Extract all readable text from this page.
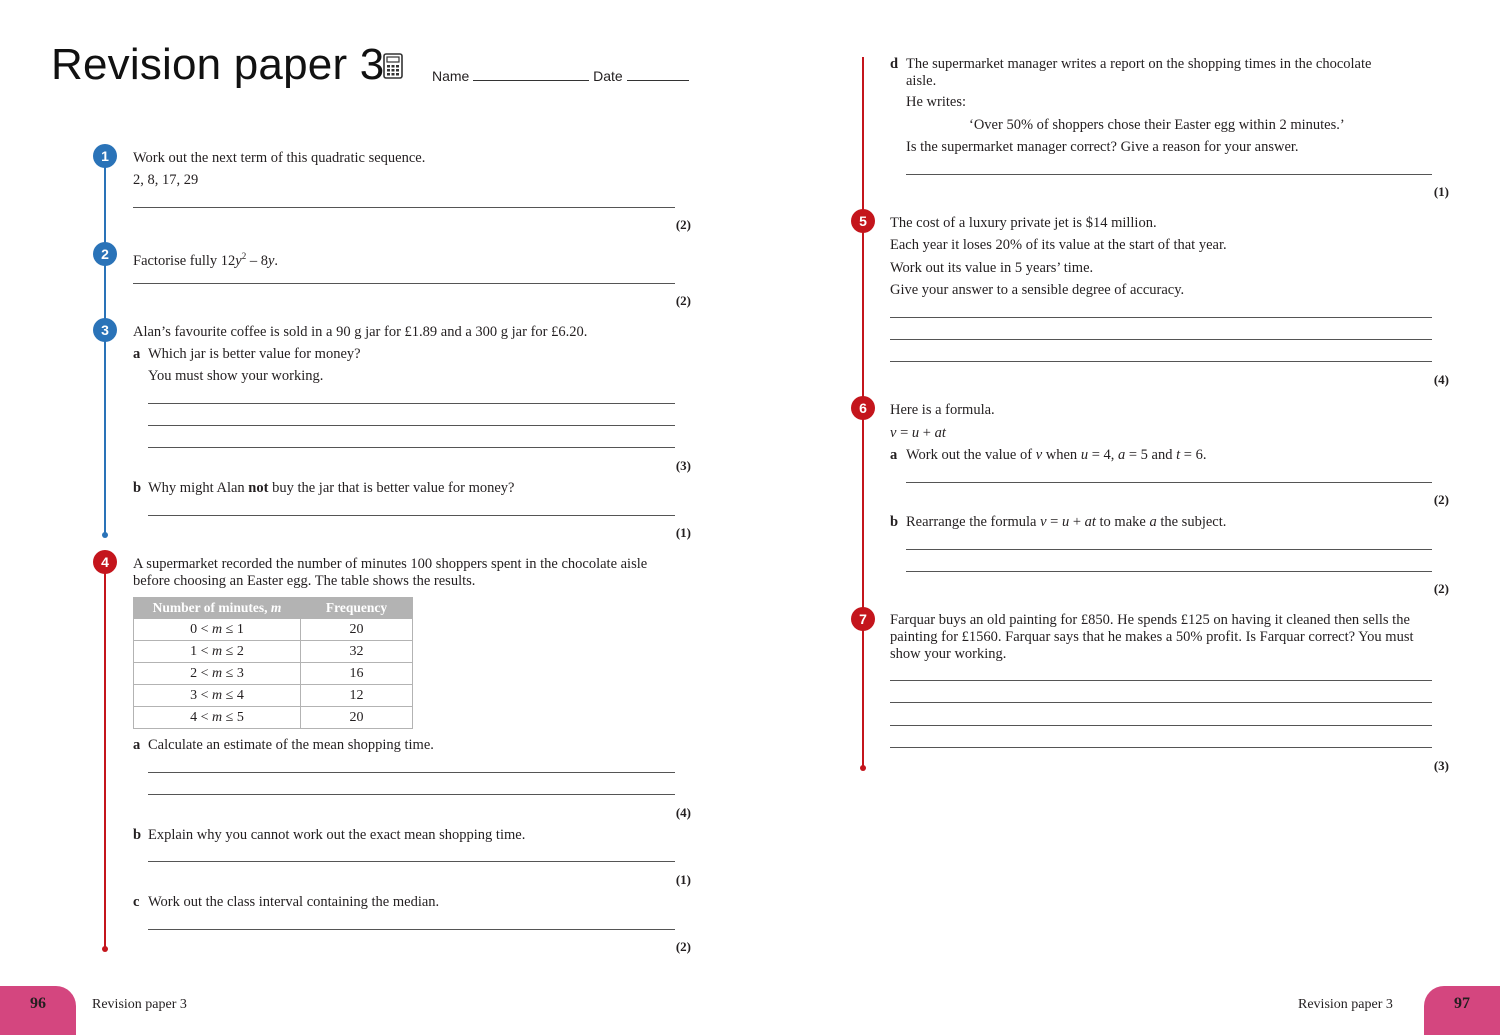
Revision paper 3	Name	Date
1	Work out the next term of this quadratic sequence.
2, 8, 17, 29
(2)
2	Factorise fully $12y^2 - 8y$.
(2)
3	Alan’s favourite coffee is sold in a 90 g jar for £1.89 and a 300 g jar for £6.20.
a Which jar is better value for money?
You must show your working.
(3)
b Why might Alan not buy the jar that is better value for money?
(1)
4	A supermarket recorded the number of minutes 100 shoppers spent in the chocolate aisle before choosing an Easter egg. The table shows the results.
Number of minutes, m	Frequency
0 < m ≤ 1	20
1 < m ≤ 2	32
2 < m ≤ 3	16
3 < m ≤ 4	12
4 < m ≤ 5	20
a Calculate an estimate of the mean shopping time.
(4)
b Explain why you cannot work out the exact mean shopping time.
(1)
c Work out the class interval containing the median.
(2)
d The supermarket manager writes a report on the shopping times in the chocolate aisle.
He writes:
‘Over 50% of shoppers chose their Easter egg within 2 minutes.’
Is the supermarket manager correct? Give a reason for your answer.
(1)
5	The cost of a luxury private jet is $14 million.
Each year it loses 20% of its value at the start of that year.
Work out its value in 5 years’ time.
Give your answer to a sensible degree of accuracy.
(4)
6	Here is a formula.
v = u + at
a Work out the value of v when u = 4, a = 5 and t = 6.
(2)
b Rearrange the formula v = u + at to make a the subject.
(2)
7	Farquar buys an old painting for £850. He spends £125 on having it cleaned then sells the painting for £1560. Farquar says that he makes a 50% profit. Is Farquar correct? You must show your working.
(3)
96	Revision paper 3	Revision paper 3	97
